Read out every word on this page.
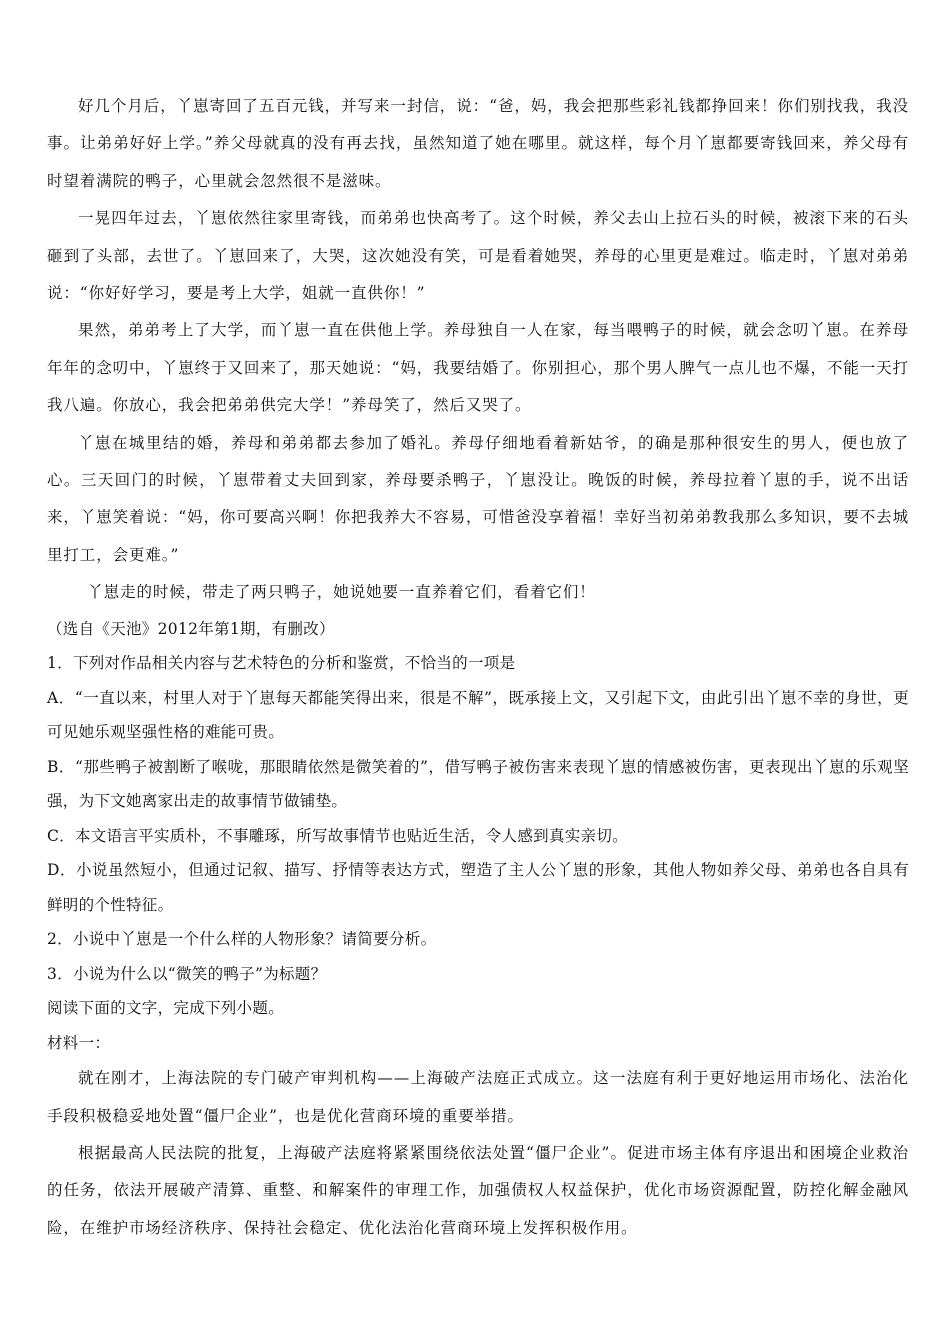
好几个月后，丫崽寄回了五百元钱，并写来一封信，说：“爸，妈，我会把那些彩礼钱都挣回来！你们别找我，我没事。让弟弟好好上学。”养父母就真的没有再去找，虽然知道了她在哪里。就这样，每个月丫崽都要寄钱回来，养父母有时望着满院的鸭子，心里就会忽然很不是滋味。

一晃四年过去，丫崽依然往家里寄钱，而弟弟也快高考了。这个时候，养父去山上拉石头的时候，被滚下来的石头砸到了头部，去世了。丫崽回来了，大哭，这次她没有笑，可是看着她哭，养母的心里更是难过。临走时，丫崽对弟弟说：“你好好学习，要是考上大学，姐就一直供你！”

果然，弟弟考上了大学，而丫崽一直在供他上学。养母独自一人在家，每当喂鸭子的时候，就会念叨丫崽。在养母年年的念叨中，丫崽终于又回来了，那天她说：“妈，我要结婚了。你别担心，那个男人脾气一点儿也不爆，不能一天打我八遍。你放心，我会把弟弟供完大学！”养母笑了，然后又哭了。

丫崽在城里结的婚，养母和弟弟都去参加了婚礼。养母仔细地看着新姑爷，的确是那种很安生的男人，便也放了心。三天回门的时候，丫崽带着丈夫回到家，养母要杀鸭子，丫崽没让。晚饭的时候，养母拉着丫崽的手，说不出话来，丫崽笑着说：“妈，你可要高兴啊！你把我养大不容易，可惜爸没享着福！幸好当初弟弟教我那么多知识，要不去城里打工，会更难。”

丫崽走的时候，带走了两只鸭子，她说她要一直养着它们，看着它们！

（选自《天池》2012年第1期，有删改）

1．下列对作品相关内容与艺术特色的分析和鉴赏，不恰当的一项是

A．“一直以来，村里人对于丫崽每天都能笑得出来，很是不解”，既承接上文，又引起下文，由此引出丫崽不幸的身世，更可见她乐观坚强性格的难能可贵。

B．“那些鸭子被割断了喉咙，那眼睛依然是微笑着的”，借写鸭子被伤害来表现丫崽的情感被伤害，更表现出丫崽的乐观坚强，为下文她离家出走的故事情节做铺垫。

C．本文语言平实质朴，不事雕琢，所写故事情节也贴近生活，令人感到真实亲切。

D．小说虽然短小，但通过记叙、描写、抒情等表达方式，塑造了主人公丫崽的形象，其他人物如养父母、弟弟也各自具有鲜明的个性特征。

2．小说中丫崽是一个什么样的人物形象？请简要分析。

3．小说为什么以“微笑的鸭子”为标题？

阅读下面的文字，完成下列小题。

材料一：

就在刚才，上海法院的专门破产审判机构——上海破产法庭正式成立。这一法庭有利于更好地运用市场化、法治化手段积极稳妥地处置“僵尸企业”，也是优化营商环境的重要举措。

根据最高人民法院的批复，上海破产法庭将紧紧围绕依法处置“僵尸企业”。促进市场主体有序退出和困境企业救治的任务，依法开展破产清算、重整、和解案件的审理工作，加强债权人权益保护，优化市场资源配置，防控化解金融风险，在维护市场经济秩序、保持社会稳定、优化法治化营商环境上发挥积极作用。
